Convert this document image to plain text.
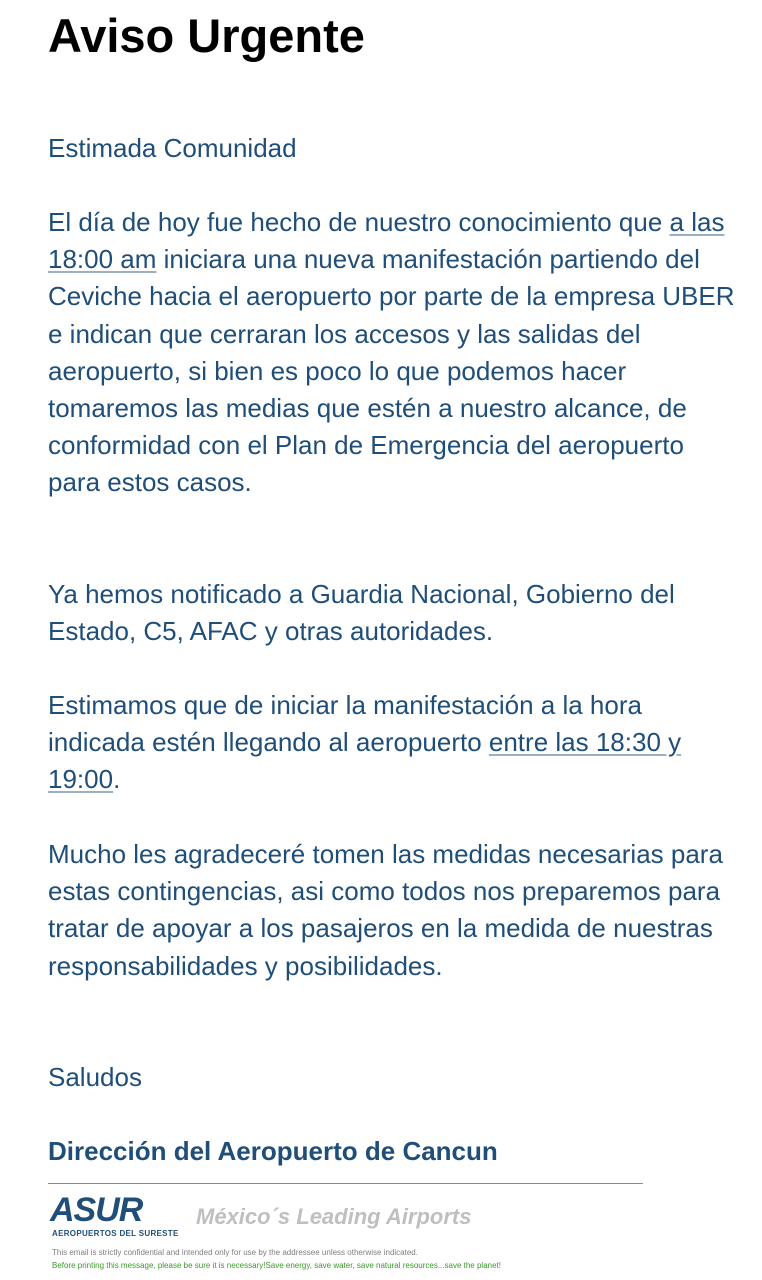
Aviso Urgente

Estimada Comunidad

El día de hoy fue hecho de nuestro conocimiento que a las 18:00 am iniciara una nueva manifestación partiendo del Ceviche hacia el aeropuerto por parte de la empresa UBER e indican que cerraran los accesos y las salidas del aeropuerto, si bien es poco lo que podemos hacer tomaremos las medias que estén a nuestro alcance, de conformidad con el Plan de Emergencia del aeropuerto para estos casos.

Ya hemos notificado a Guardia Nacional, Gobierno del Estado, C5, AFAC y otras autoridades.

Estimamos que de iniciar la manifestación a la hora indicada estén llegando al aeropuerto entre las 18:30 y 19:00.

Mucho les agradeceré tomen las medidas necesarias para estas contingencias, asi como todos nos preparemos para tratar de apoyar a los pasajeros en la medida de nuestras responsabilidades y posibilidades.

Saludos

Dirección del Aeropuerto de Cancun

ASUR
AEROPUERTOS DEL SURESTE
México´s Leading Airports
This email is strictly confidential and intended only for use by the addressee unless otherwise indicated.
Before printing this message, please be sure it is necessary!Save energy, save water, save natural resources...save the planet!
